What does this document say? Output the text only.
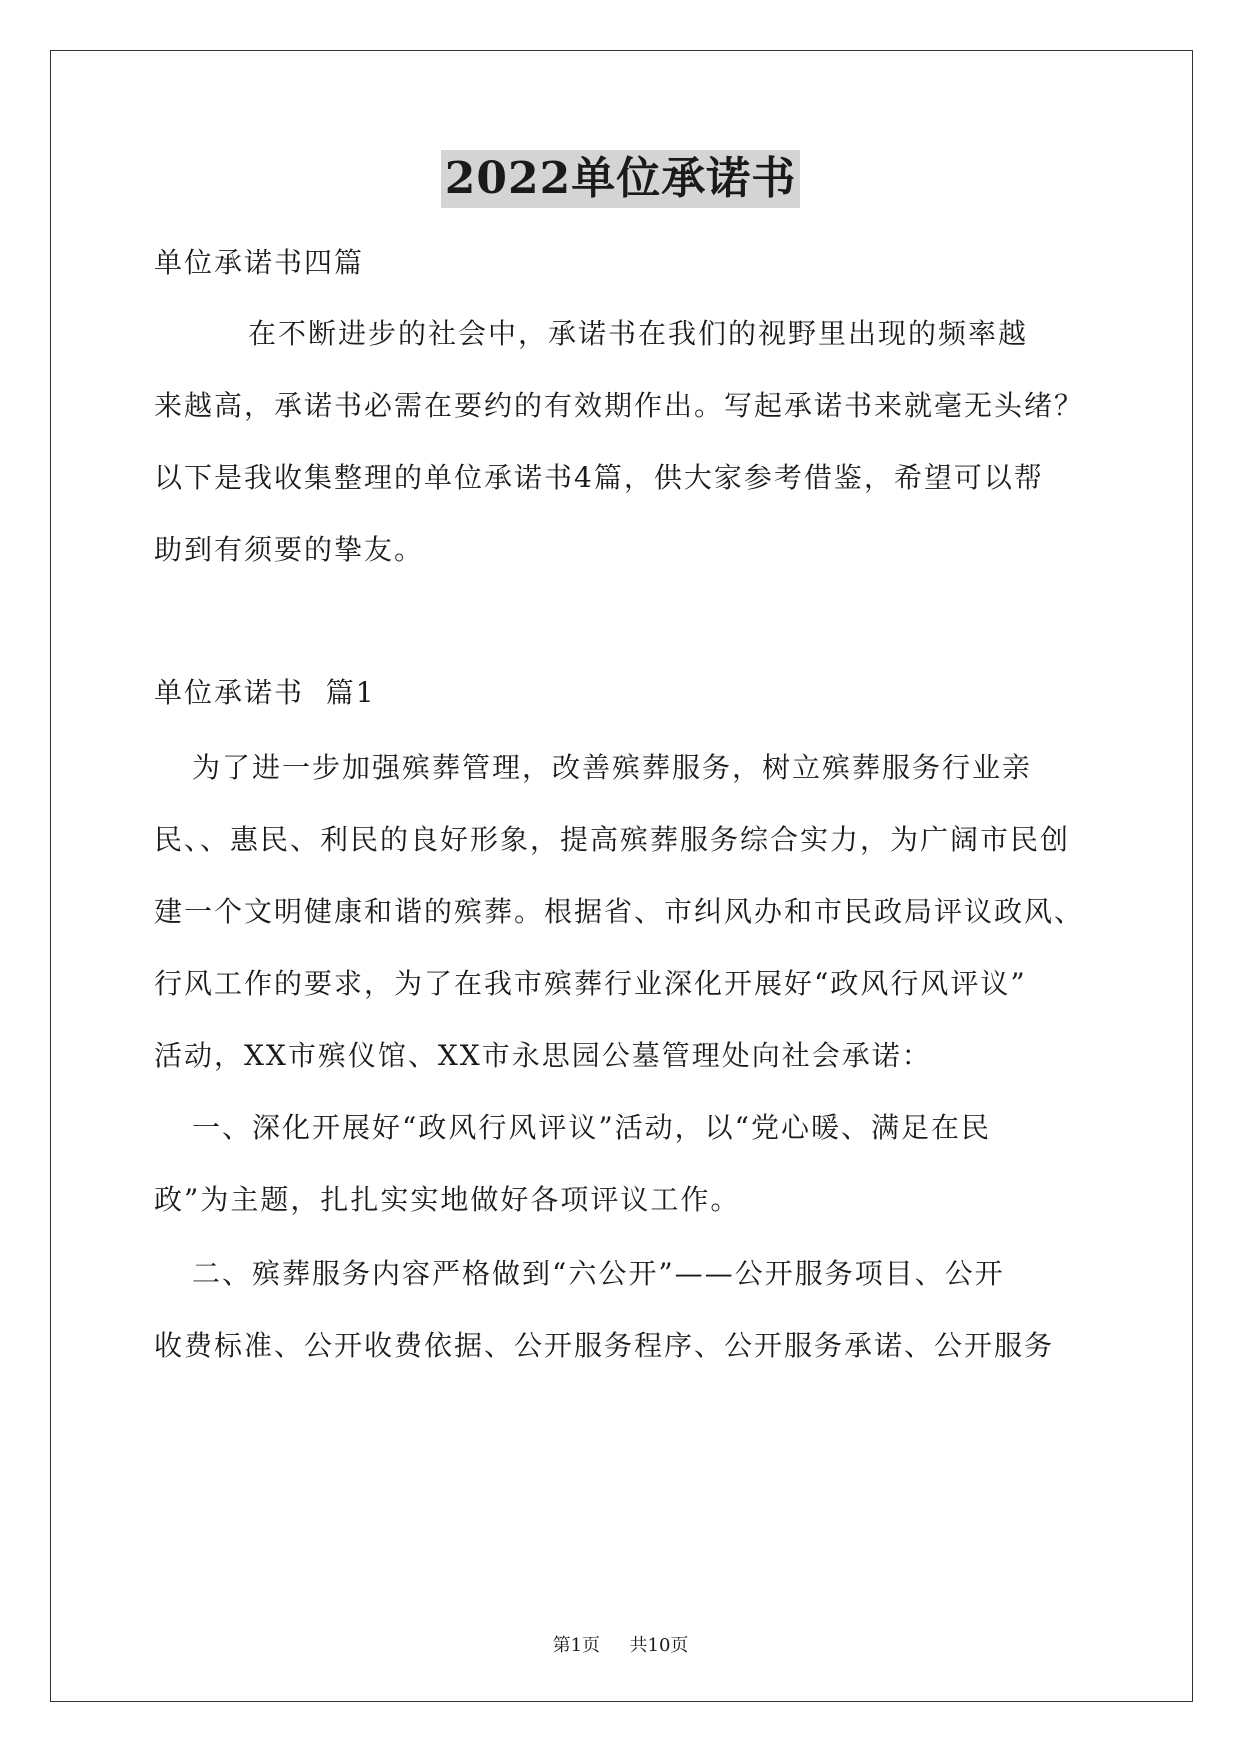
2022单位承诺书
单位承诺书四篇
在不断进步的社会中，承诺书在我们的视野里出现的频率越
来越高，承诺书必需在要约的有效期作出。写起承诺书来就毫无头绪？
以下是我收集整理的单位承诺书4篇，供大家参考借鉴，希望可以帮
助到有须要的挚友。
单位承诺书  篇1
为了进一步加强殡葬管理，改善殡葬服务，树立殡葬服务行业亲
民、、惠民、利民的良好形象，提高殡葬服务综合实力，为广阔市民创
建一个文明健康和谐的殡葬。根据省、市纠风办和市民政局评议政风、
行风工作的要求，为了在我市殡葬行业深化开展好“政风行风评议”
活动，XX市殡仪馆、XX市永思园公墓管理处向社会承诺：
一、深化开展好“政风行风评议”活动，以“党心暖、满足在民
政”为主题，扎扎实实地做好各项评议工作。
二、殡葬服务内容严格做到“六公开”——公开服务项目、公开
收费标准、公开收费依据、公开服务程序、公开服务承诺、公开服务
第1页 共10页
